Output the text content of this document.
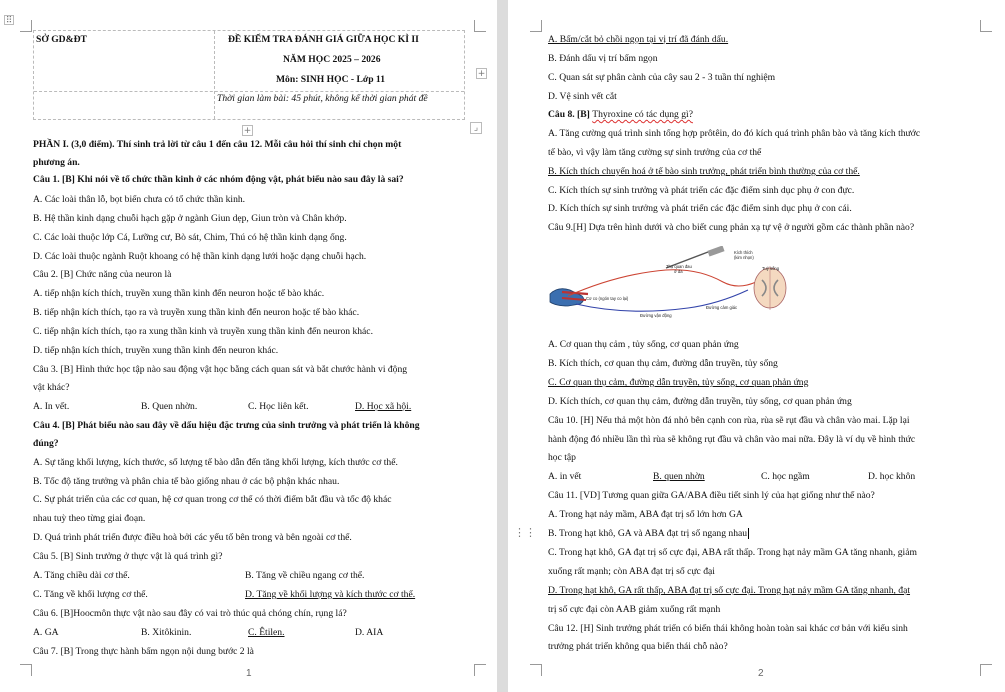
⠿
SỞ GD&ĐT	ĐỀ KIỂM TRA ĐÁNH GIÁ GIỮA HỌC KÌ II
NĂM HỌC 2025 – 2026
Môn: SINH HỌC - Lớp 11
Thời gian làm bài: 45 phút, không kể thời gian phát đề
+
+	⌟
PHẦN I. (3,0 điểm). Thí sinh trả lời từ câu 1 đến câu 12. Mỗi câu hỏi thí sinh chỉ chọn một
phương án.
Câu 1. [B] Khi nói về tổ chức thần kinh ở các nhóm động vật, phát biểu nào sau đây là sai?
A. Các loài thân lỗ, bọt biển chưa có tổ chức thần kinh.
B. Hệ thần kinh dạng chuỗi hạch gặp ở ngành Giun dẹp, Giun tròn và Chân khớp.
C. Các loài thuộc lớp Cá, Lưỡng cư, Bò sát, Chim, Thú có hệ thần kinh dạng ống.
D. Các loài thuộc ngành Ruột khoang có hệ thần kinh dạng lưới hoặc dạng chuỗi hạch.
Câu 2. [B] Chức năng của neuron là
A. tiếp nhận kích thích, truyền xung thần kinh đến neuron hoặc tế bào khác.
B. tiếp nhận kích thích, tạo ra và truyền xung thần kinh đến neuron hoặc tế bào khác.
C. tiếp nhận kích thích, tạo ra xung thần kinh và truyền xung thần kinh đến neuron khác.
D. tiếp nhận kích thích, truyền xung thần kinh đến neuron khác.
Câu 3. [B] Hình thức học tập nào sau động vật học bằng cách quan sát và bắt chước hành vi động
vật khác?
A. In vết.	B. Quen nhờn.	C. Học liên kết.	D. Học xã hội.
Câu 4. [B] Phát biểu nào sau đây về dấu hiệu đặc trưng của sinh trưởng và phát triển là không
đúng?
A. Sự tăng khối lượng, kích thước, số lượng tế bào dẫn đến tăng khối lượng, kích thước cơ thể.
B. Tốc độ tăng trưởng và phân chia tế bào giống nhau ở các bộ phận khác nhau.
C. Sự phát triển của các cơ quan, hệ cơ quan trong cơ thể có thời điểm bắt đầu và tốc độ khác
nhau tuỳ theo từng giai đoạn.
D. Quá trình phát triển được điều hoà bởi các yếu tố bên trong và bên ngoài cơ thể.
Câu 5. [B] Sinh trưởng ở thực vật là quá trình gì?
A. Tăng chiều dài cơ thể.	B. Tăng về chiều ngang cơ thể.
C. Tăng về khối lượng cơ thể.	D. Tăng về khối lượng và kích thước cơ thể.
Câu 6. [B]Hoocmôn thực vật nào sau đây có vai trò thúc quả chóng chín, rụng lá?
A. GA	B. Xitôkinin.	C. Êtilen.	D. AIA
Câu 7. [B] Trong thực hành bấm ngọn nội dung bước 2 là
1
A. Bấm/cắt bỏ chồi ngọn tại vị trí đã đánh dấu.
B. Đánh dấu vị trí bấm ngọn
C. Quan sát sự phân cành của cây sau 2 - 3 tuần thí nghiệm
D. Vệ sinh vết cắt
Câu 8. [B] Thyroxine có tác dụng gì?
A. Tăng cường quá trình sinh tổng hợp prôtêin, do đó kích quá trình phân bào và tăng kích thước
tế bào, vì vậy làm tăng cường sự sinh trưởng của cơ thể
B. Kích thích chuyển hoá ở tế bào sinh trưởng, phát triển bình thường của cơ thể.
C. Kích thích sự sinh trưởng và phát triển các đặc điểm sinh dục phụ ở con đực.
D. Kích thích sự sinh trưởng và phát triển các đặc điểm sinh dục phụ ở con cái.
Câu 9.[H] Dựa trên hình dưới và cho biết cung phản xạ tự vệ ở người gồm các thành phần nào?
A. Cơ quan thụ cảm , tủy sống, cơ quan phản ứng
B. Kích thích, cơ quan thụ cảm, đường dẫn truyền, tủy sống
C. Cơ quan thụ cảm, đường dẫn truyền, tủy sống, cơ quan phản ứng
D. Kích thích, cơ quan thụ cảm, đường dẫn truyền, tủy sống, cơ quan phản ứng
Câu 10. [H] Nếu thả một hòn đá nhỏ bên cạnh con rùa, rùa sẽ rụt đầu và chân vào mai. Lặp lại
hành động đó nhiều lần thì rùa sẽ không rụt đầu và chân vào mai nữa. Đây là ví dụ về hình thức
học tập
A. in vết	B. quen nhờn	C. học ngầm	D. học khôn
Câu 11. [VD] Tương quan giữa GA/ABA điều tiết sinh lý của hạt giống như thế nào?
A. Trong hạt nảy mầm, ABA đạt trị số lớn hơn GA
⋮⋮ B. Trong hạt khô, GA và ABA đạt trị số ngang nhau
C. Trong hạt khô, GA đạt trị số cực đại, ABA rất thấp. Trong hạt nảy mầm GA tăng nhanh, giảm
xuống rất mạnh; còn ABA đạt trị số cực đại
D. Trong hạt khô, GA rất thấp, ABA đạt trị số cực đại. Trong hạt nảy mầm GA tăng nhanh, đạt
trị số cực đại còn AAB giảm xuống rất mạnh
Câu 12. [H] Sinh trưởng phát triển có biến thái không hoàn toàn sai khác cơ bản với kiểu sinh
trưởng phát triển không qua biến thái chỗ nào?
2
Kích thích
(kim nhọn)
Thụ quan đau
ở da
Tuỷ sống
Cơ co (ngón tay co lại)
Đường cảm giác
Đường vận động
